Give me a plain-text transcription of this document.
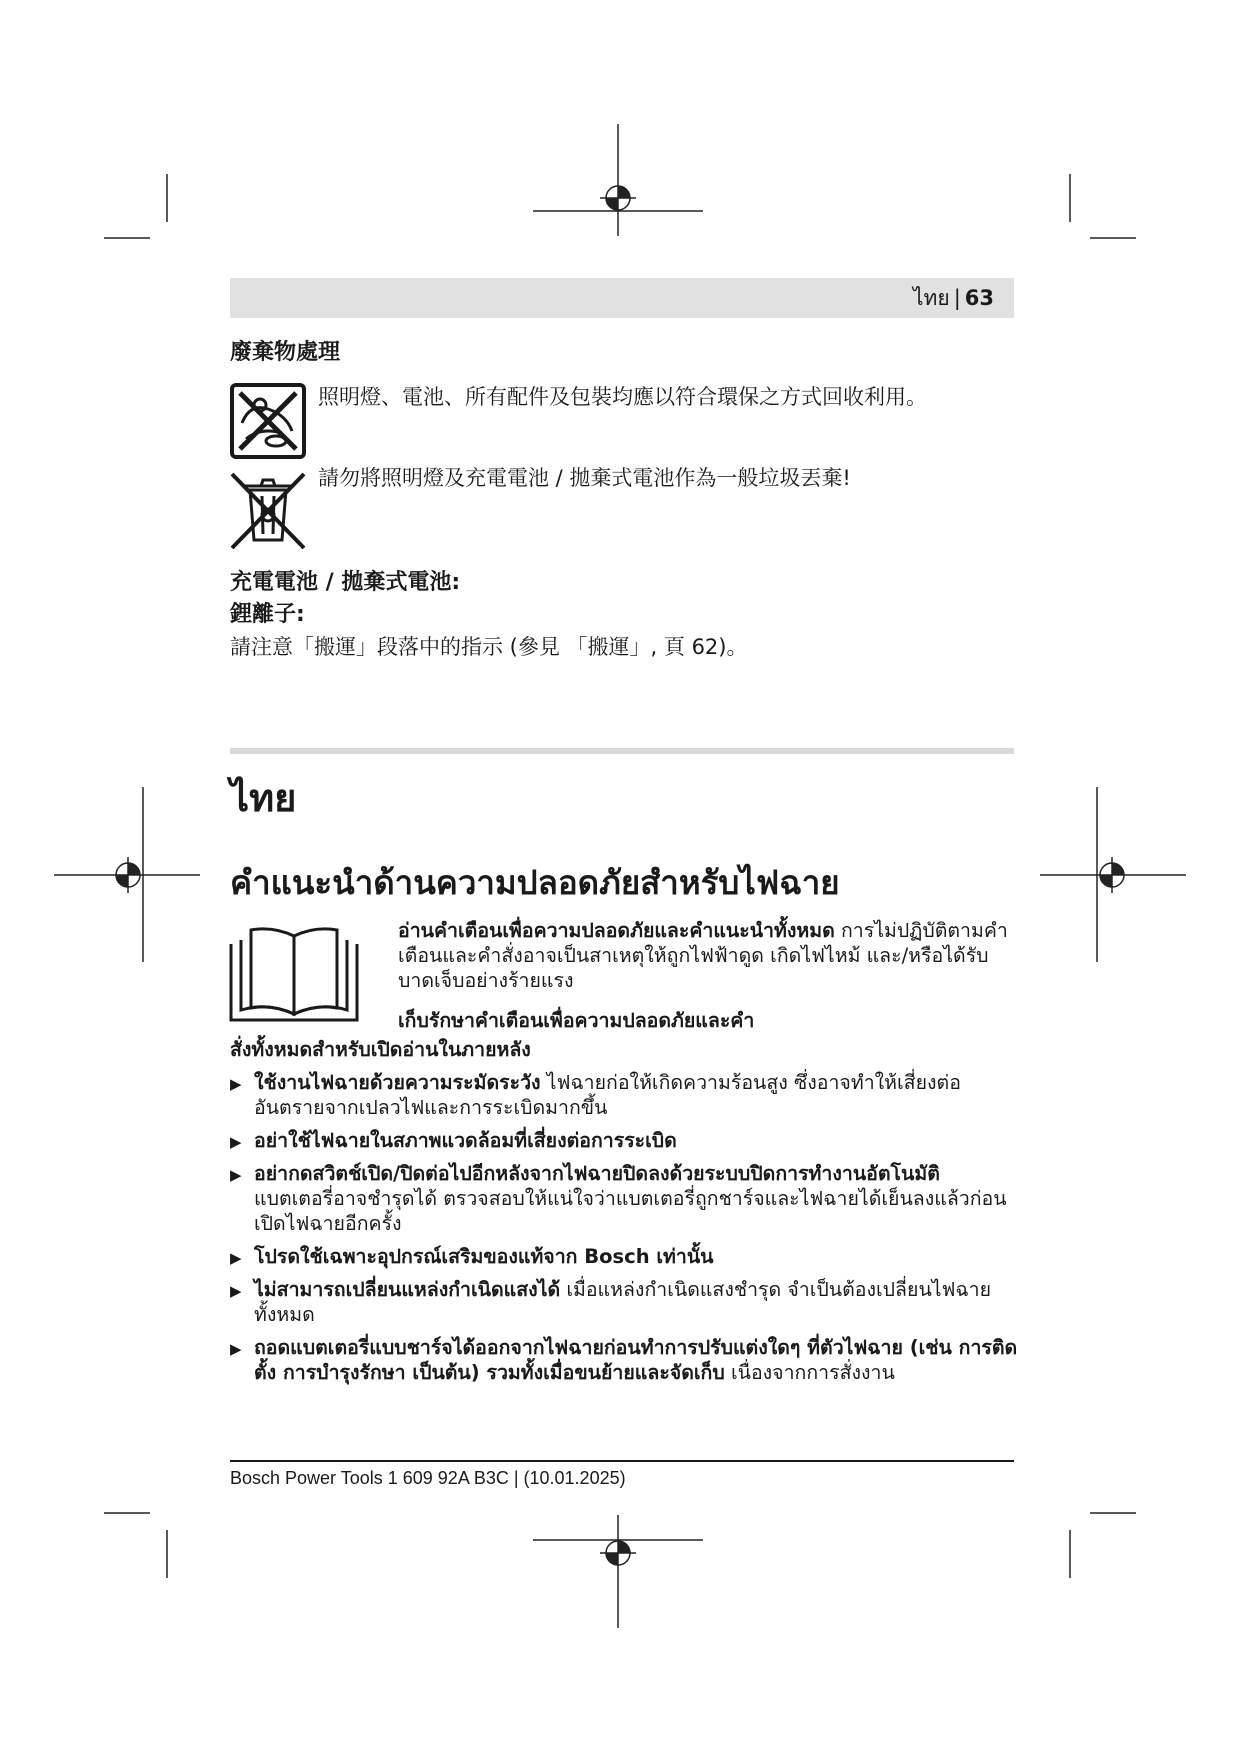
ไทย | 63
廢棄物處理
照明燈、電池、所有配件及包裝均應以符合環保之方式回收利用。
請勿將照明燈及充電電池 / 拋棄式電池作為一般垃圾丟棄!
充電電池 / 拋棄式電池:
鋰離子:
請注意「搬運」段落中的指示 (參見 「搬運」, 頁 62)。
ไทย
คําแนะนําด้านความปลอดภัยสําหรับไฟฉาย
อ่านคําเตือนเพื่อความปลอดภัยและคําแนะนําทั้งหมด การไม่ปฏิบัติตามคําเตือนและคําสั่งอาจเป็นสาเหตุให้ถูกไฟฟ้าดูด เกิดไฟไหม้ และ/หรือได้รับบาดเจ็บอย่างร้ายแรง
เก็บรักษาคําเตือนเพื่อความปลอดภัยและคํา
สั่งทั้งหมดสําหรับเปิดอ่านในภายหลัง
▶ ใช้งานไฟฉายด้วยความระมัดระวัง ไฟฉายก่อให้เกิดความร้อนสูง ซึ่งอาจทําให้เสี่ยงต่ออันตรายจากเปลวไฟและการระเบิดมากขึ้น
▶ อย่าใช้ไฟฉายในสภาพแวดล้อมที่เสี่ยงต่อการระเบิด
▶ อย่ากดสวิตช์เปิด/ปิดต่อไปอีกหลังจากไฟฉายปิดลงด้วยระบบปิดการทํางานอัตโนมัติ แบตเตอรี่อาจชํารุดได้ ตรวจสอบให้แน่ใจว่าแบตเตอรี่ถูกชาร์จและไฟฉายได้เย็นลงแล้วก่อนเปิดไฟฉายอีกครั้ง
▶ โปรดใช้เฉพาะอุปกรณ์เสริมของแท้จาก Bosch เท่านั้น
▶ ไม่สามารถเปลี่ยนแหล่งกําเนิดแสงได้ เมื่อแหล่งกําเนิดแสงชํารุด จําเป็นต้องเปลี่ยนไฟฉายทั้งหมด
▶ ถอดแบตเตอรี่แบบชาร์จได้ออกจากไฟฉายก่อนทําการปรับแต่งใดๆ ที่ตัวไฟฉาย (เช่น การติดตั้ง การบํารุงรักษา เป็นต้น) รวมทั้งเมื่อขนย้ายและจัดเก็บ เนื่องจากการสั่งงาน
Bosch Power Tools 1 609 92A B3C | (10.01.2025)
